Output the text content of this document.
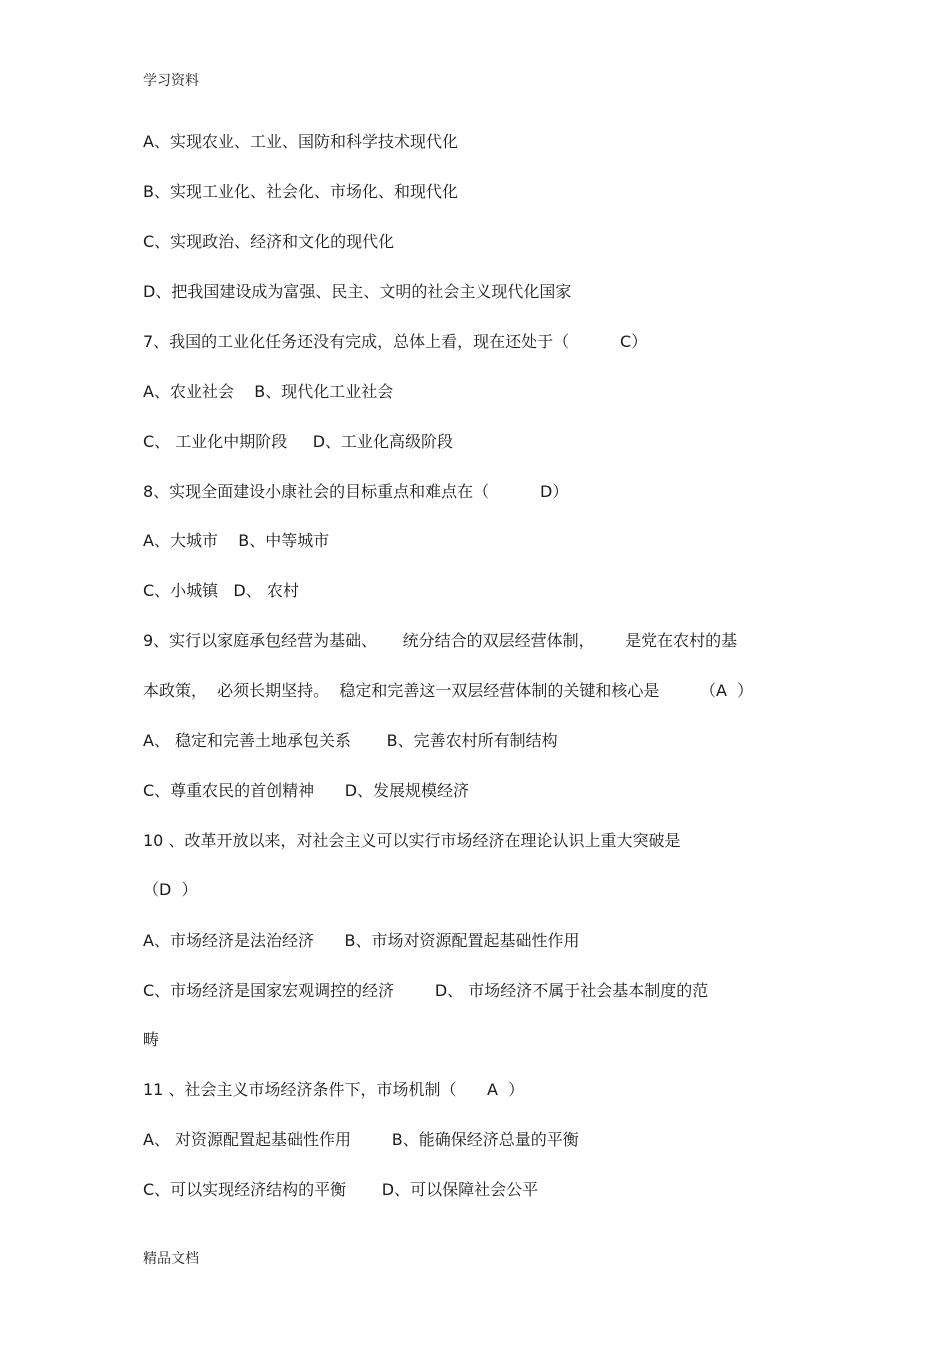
学习资料
A、实现农业、工业、国防和科学技术现代化
B、实现工业化、社会化、市场化、和现代化
C、实现政治、经济和文化的现代化
D、把我国建设成为富强、民主、文明的社会主义现代化国家
7、我国的工业化任务还没有完成，总体上看，现在还处于（          C）
A、农业社会    B、现代化工业社会
C、 工业化中期阶段     D、工业化高级阶段
8、实现全面建设小康社会的目标重点和难点在（          D）
A、大城市    B、中等城市
C、小城镇   D、 农村
9、实行以家庭承包经营为基础、     统分结合的双层经营体制，      是党在农村的基
本政策，  必须长期坚持。  稳定和完善这一双层经营体制的关键和核心是        （A  ）
A、 稳定和完善土地承包关系       B、完善农村所有制结构
C、尊重农民的首创精神      D、发展规模经济
10 、改革开放以来，对社会主义可以实行市场经济在理论认识上重大突破是
（D  ）
A、市场经济是法治经济      B、市场对资源配置起基础性作用
C、市场经济是国家宏观调控的经济        D、 市场经济不属于社会基本制度的范
畴
11 、社会主义市场经济条件下，市场机制（      A  ）
A、 对资源配置起基础性作用        B、能确保经济总量的平衡
C、可以实现经济结构的平衡       D、可以保障社会公平
精品文档
